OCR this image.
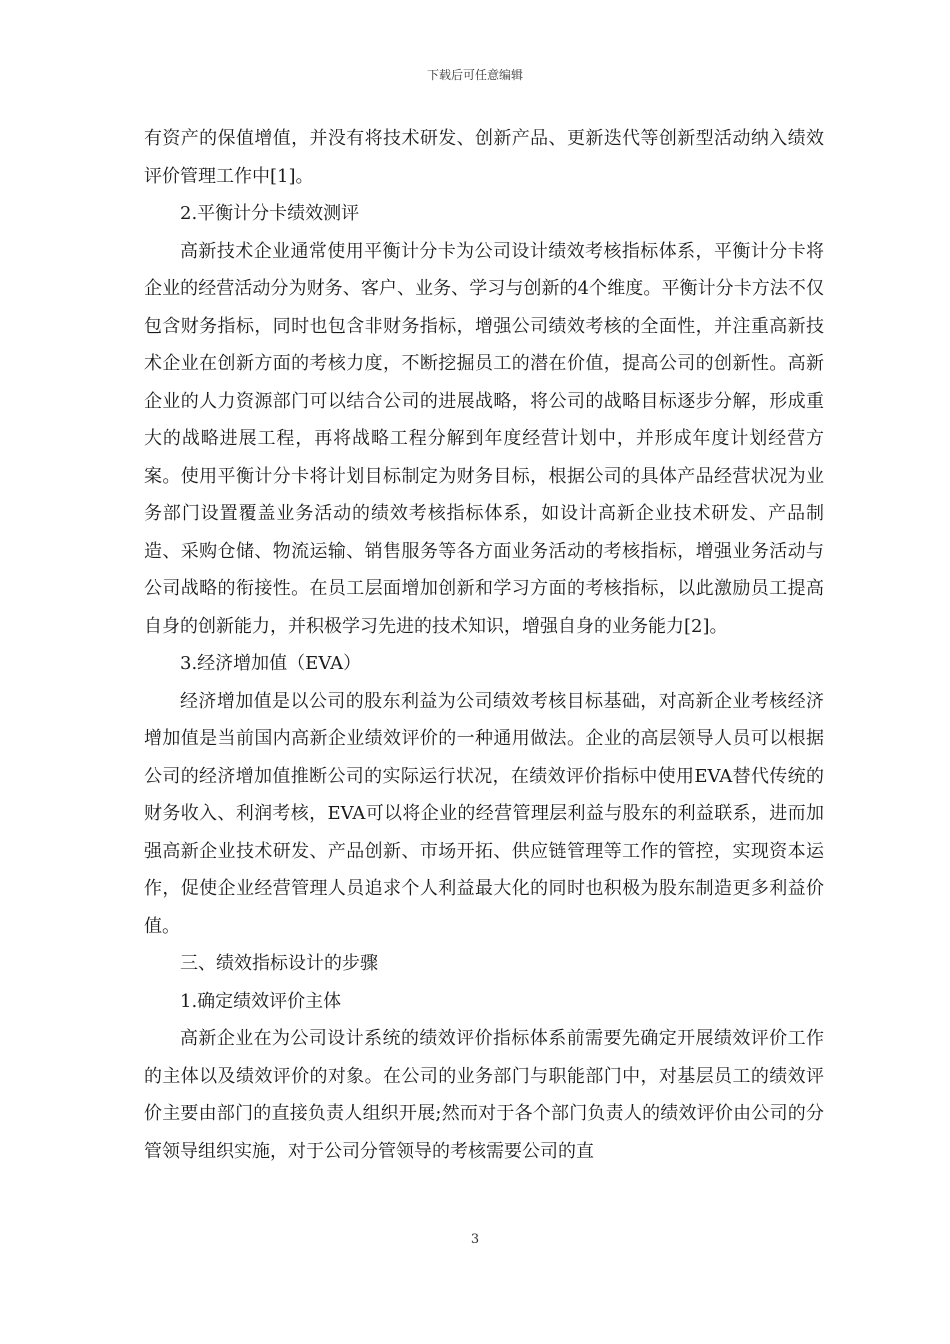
下载后可任意编辑

有资产的保值增值，并没有将技术研发、创新产品、更新迭代等创新型活动纳入绩效评价管理工作中[1]。

2.平衡计分卡绩效测评

高新技术企业通常使用平衡计分卡为公司设计绩效考核指标体系，平衡计分卡将企业的经营活动分为财务、客户、业务、学习与创新的4个维度。平衡计分卡方法不仅包含财务指标，同时也包含非财务指标，增强公司绩效考核的全面性，并注重高新技术企业在创新方面的考核力度，不断挖掘员工的潜在价值，提高公司的创新性。高新企业的人力资源部门可以结合公司的进展战略，将公司的战略目标逐步分解，形成重大的战略进展工程，再将战略工程分解到年度经营计划中，并形成年度计划经营方案。使用平衡计分卡将计划目标制定为财务目标，根据公司的具体产品经营状况为业务部门设置覆盖业务活动的绩效考核指标体系，如设计高新企业技术研发、产品制造、采购仓储、物流运输、销售服务等各方面业务活动的考核指标，增强业务活动与公司战略的衔接性。在员工层面增加创新和学习方面的考核指标，以此激励员工提高自身的创新能力，并积极学习先进的技术知识，增强自身的业务能力[2]。

3.经济增加值（EVA）

经济增加值是以公司的股东利益为公司绩效考核目标基础，对高新企业考核经济增加值是当前国内高新企业绩效评价的一种通用做法。企业的高层领导人员可以根据公司的经济增加值推断公司的实际运行状况，在绩效评价指标中使用EVA替代传统的财务收入、利润考核，EVA可以将企业的经营管理层利益与股东的利益联系，进而加强高新企业技术研发、产品创新、市场开拓、供应链管理等工作的管控，实现资本运作，促使企业经营管理人员追求个人利益最大化的同时也积极为股东制造更多利益价值。

三、绩效指标设计的步骤

1.确定绩效评价主体

高新企业在为公司设计系统的绩效评价指标体系前需要先确定开展绩效评价工作的主体以及绩效评价的对象。在公司的业务部门与职能部门中，对基层员工的绩效评价主要由部门的直接负责人组织开展;然而对于各个部门负责人的绩效评价由公司的分管领导组织实施，对于公司分管领导的考核需要公司的直

3
